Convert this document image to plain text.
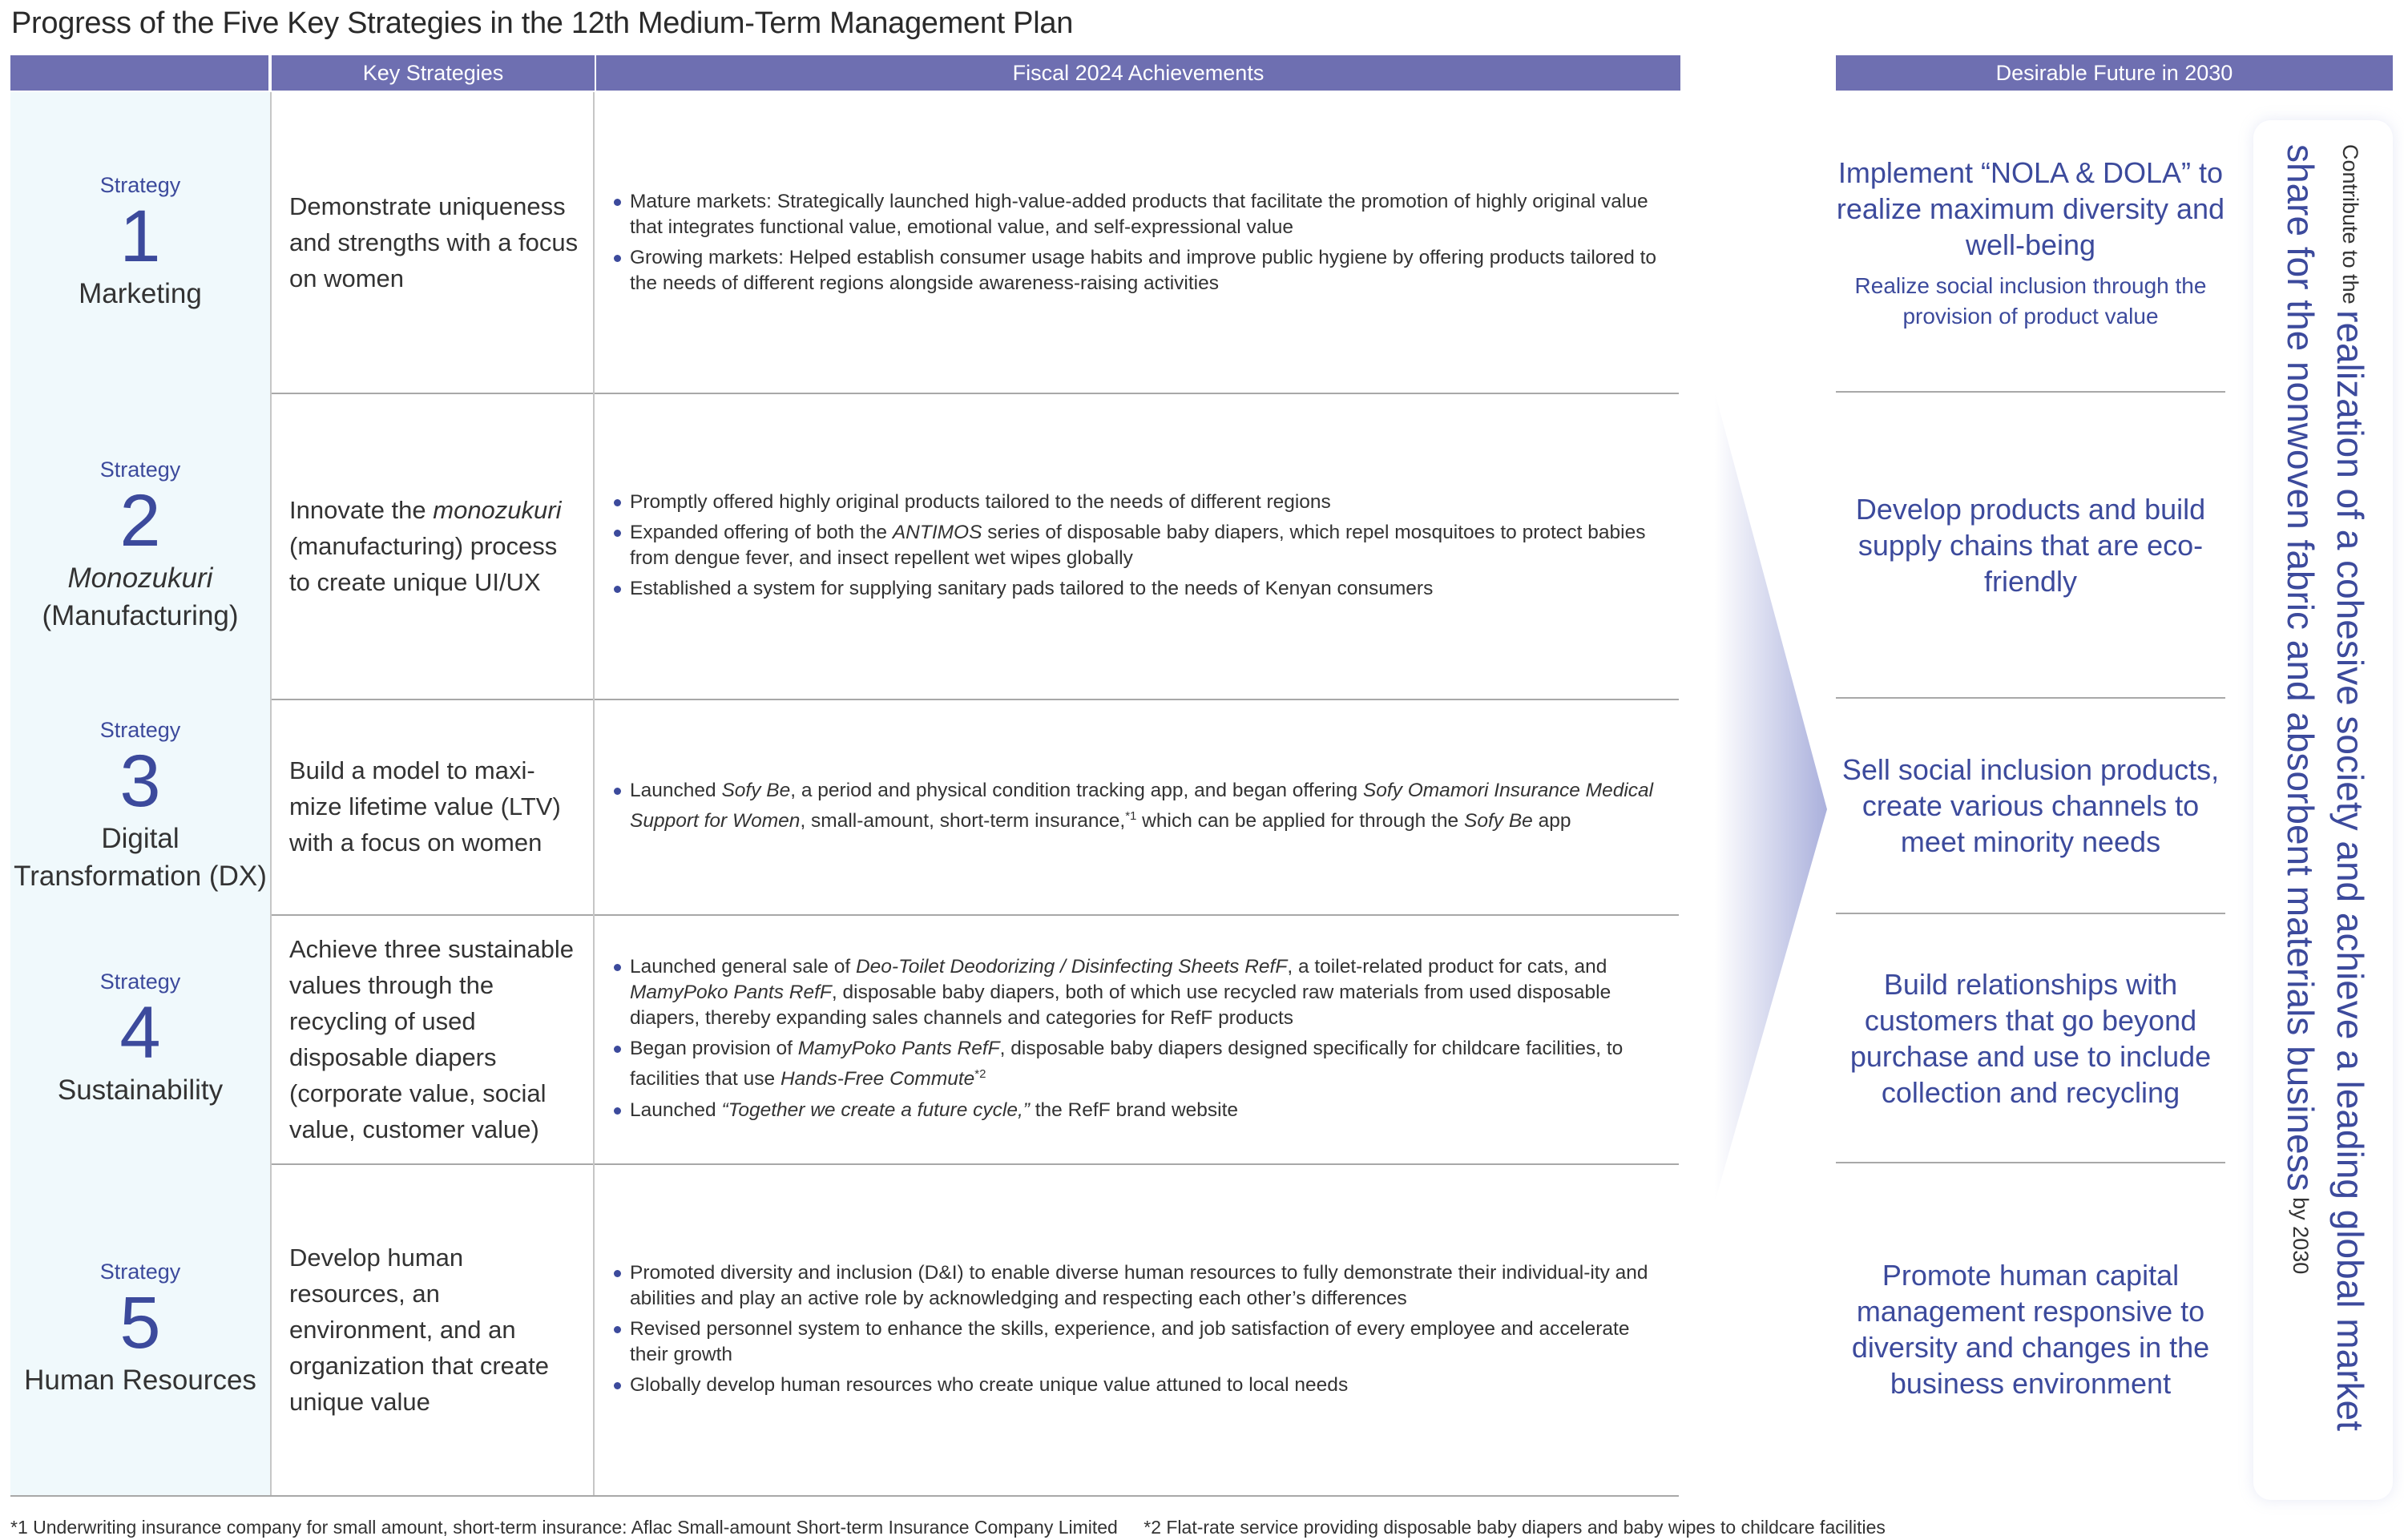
Progress of the Five Key Strategies in the 12th Medium-Term Management Plan
Key Strategies	Fiscal 2024 Achievements	Desirable Future in 2030
Strategy
1
Marketing
Demonstrate uniqueness and strengths with a focus on women
Mature markets: Strategically launched high-value-added products that facilitate the promotion of highly original value that integrates functional value, emotional value, and self-expressional value
Growing markets: Helped establish consumer usage habits and improve public hygiene by offering products tailored to the needs of different regions alongside awareness-raising activities
Implement “NOLA & DOLA” to realize maximum diversity and well-being
Realize social inclusion through the provision of product value
Strategy
2
Monozukuri (Manufacturing)
Innovate the monozukuri (manufacturing) process to create unique UI/UX
Promptly offered highly original products tailored to the needs of different regions
Expanded offering of both the ANTIMOS series of disposable baby diapers, which repel mosquitoes to protect babies from dengue fever, and insect repellent wet wipes globally
Established a system for supplying sanitary pads tailored to the needs of Kenyan consumers
Develop products and build supply chains that are eco-friendly
Strategy
3
Digital Transformation (DX)
Build a model to maxi-mize lifetime value (LTV) with a focus on women
Launched Sofy Be, a period and physical condition tracking app, and began offering Sofy Omamori Insurance Medical Support for Women, small-amount, short-term insurance,$^{*1}$ which can be applied for through the Sofy Be app
Sell social inclusion products, create various channels to meet minority needs
Strategy
4
Sustainability
Achieve three sustainable values through the recycling of used disposable diapers (corporate value, social value, customer value)
Launched general sale of Deo-Toilet Deodorizing / Disinfecting Sheets RefF, a toilet-related product for cats, and MamyPoko Pants RefF, disposable baby diapers, both of which use recycled raw materials from used disposable diapers, thereby expanding sales channels and categories for RefF products
Began provision of MamyPoko Pants RefF, disposable baby diapers designed specifically for childcare facilities, to facilities that use Hands-Free Commute$^{*2}$
Launched “Together we create a future cycle,” the RefF brand website
Build relationships with customers that go beyond purchase and use to include collection and recycling
Strategy
5
Human Resources
Develop human resources, an environment, and an organization that create unique value
Promoted diversity and inclusion (D&I) to enable diverse human resources to fully demonstrate their individual-ity and abilities and play an active role by acknowledging and respecting each other’s differences
Revised personnel system to enhance the skills, experience, and job satisfaction of every employee and accelerate their growth
Globally develop human resources who create unique value attuned to local needs
Promote human capital management responsive to diversity and changes in the business environment
Contribute to the realization of a cohesive society and achieve a leading global market share for the nonwoven fabric and absorbent materials business by 2030
*1 Underwriting insurance company for small amount, short-term insurance: Aflac Small-amount Short-term Insurance Company Limited *2 Flat-rate service providing disposable baby diapers and baby wipes to childcare facilities
